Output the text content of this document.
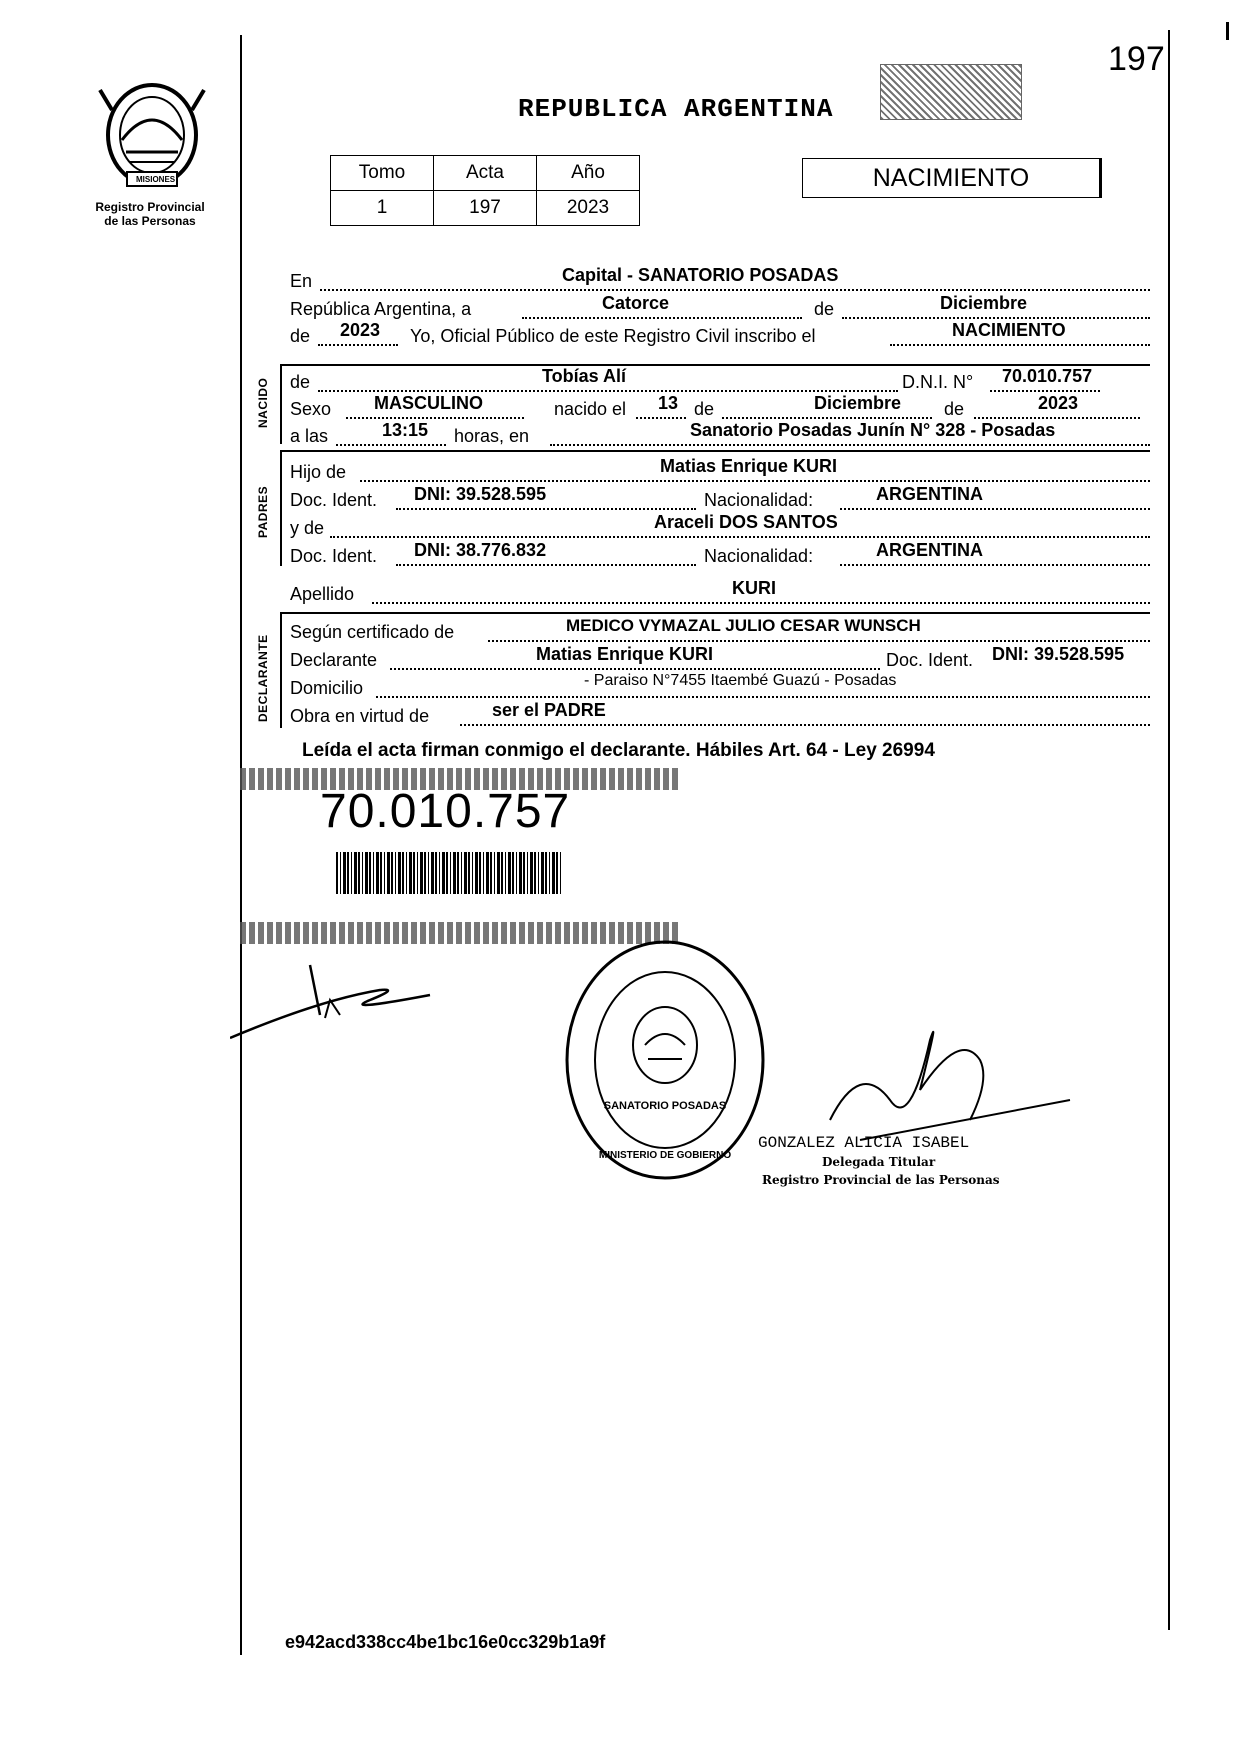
197
MISIONES
Registro Provincial
de las Personas
REPUBLICA ARGENTINA
Tomo	Acta	Año
1	197	2023
NACIMIENTO
En	Capital - SANATORIO POSADAS
República Argentina, a	Catorce	de	Diciembre
de 2023 Yo, Oficial Público de este Registro Civil inscribo el	NACIMIENTO
NACIDO de	Tobías Alí	D.N.I. N° 70.010.757
Sexo MASCULINO	nacido el 13 de	Diciembre de	2023
a las	13:15 horas, en	Sanatorio Posadas Junín N° 328 - Posadas
PADRES
Hijo de	Matias Enrique KURI
Doc. Ident. DNI: 39.528.595	Nacionalidad:	ARGENTINA
y de	Araceli DOS SANTOS
Doc. Ident. DNI: 38.776.832	Nacionalidad:	ARGENTINA
Apellido	KURI
DECLARANTE
Según certificado de	MEDICO VYMAZAL JULIO CESAR WUNSCH
Declarante	Matias Enrique KURI	Doc. Ident. DNI: 39.528.595
Domicilio	- Paraiso N°7455 Itaembé Guazú - Posadas
Obra en virtud de	ser el PADRE
Leída el acta firman conmigo el declarante. Hábiles Art. 64 - Ley 26994
70.010.757
SANATORIO POSADAS
MINISTERIO DE GOBIERNO
GONZALEZ ALICIA ISABEL
Delegada Titular
Registro Provincial de las Personas
e942acd338cc4be1bc16e0cc329b1a9f
